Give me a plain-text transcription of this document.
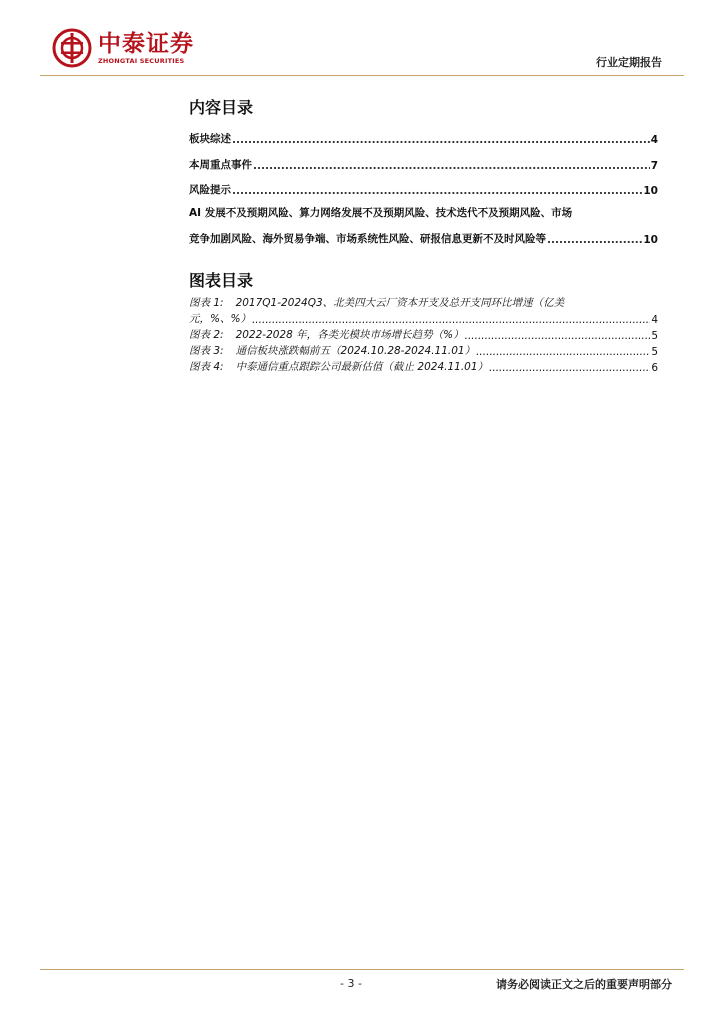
中泰证券
ZHONGTAI SECURITIES	行业定期报告
内容目录
板块综述 .....	4
本周重点事件 .....	7
风险提示 .....	10
AI 发展不及预期风险、算力网络发展不及预期风险、技术迭代不及预期风险、市场
竞争加剧风险、海外贸易争端、市场系统性风险、研报信息更新不及时风险等 .....	10
图表目录
图表 1: 2017Q1-2024Q3、北美四大云厂资本开支及总开支同环比增速（亿美
元，%、%） .....	4
图表 2: 2022-2028 年，各类光模块市场增长趋势（%） .....	5
图表 3: 通信板块涨跌幅前五（2024.10.28-2024.11.01） .....	5
图表 4: 中泰通信重点跟踪公司最新估值（截止 2024.11.01） .....	6
- 3 -	请务必阅读正文之后的重要声明部分
